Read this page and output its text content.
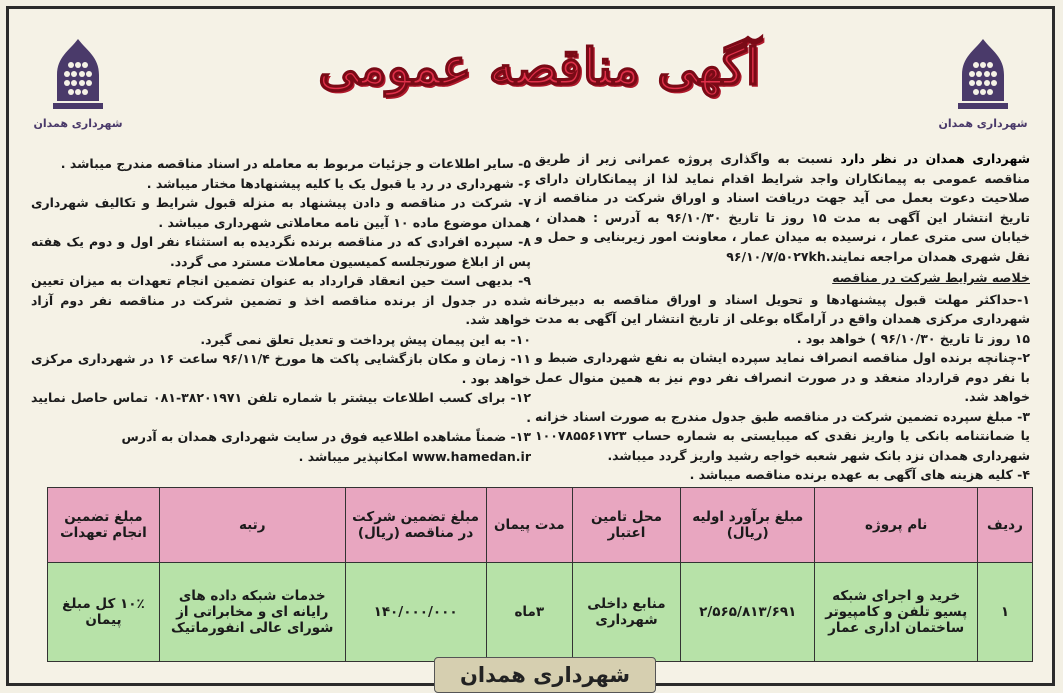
شهرداری همدان	شهرداری همدان
آگهی مناقصه عمومی

شهرداری همدان در نظر دارد نسبت به واگذاری پروژه عمرانی زیر از طریق مناقصه عمومی به پیمانکاران واجد شرایط اقدام نماید لذا از پیمانکاران دارای صلاحیت دعوت بعمل می آید جهت دریافت اسناد و اوراق شرکت در مناقصه از تاریخ انتشار این آگهی به مدت ۱۵ روز تا تاریخ ۹۶/۱۰/۳۰ به آدرس : همدان ، خیابان سی متری عمار ، نرسیده به میدان عمار ، معاونت امور زیربنایی و حمل و نقل شهری همدان مراجعه نمایند.۹۶/۱۰/۷/۵۰۲۷kh

خلاصه شرایط شرکت در مناقصه

۱-حداکثر مهلت قبول پیشنهادها و تحویل اسناد و اوراق مناقصه به دبیرخانه شهرداری مرکزی همدان واقع در آرامگاه بوعلی از تاریخ انتشار این آگهی به مدت ۱۵ روز تا تاریخ ۹۶/۱۰/۳۰ ) خواهد بود .

۲-چنانچه برنده اول مناقصه انصراف نماید سپرده ایشان به نفع شهرداری ضبط و با نفر دوم قرارداد منعقد و در صورت انصراف نفر دوم نیز به همین منوال عمل خواهد شد.

۳- مبلغ سپرده تضمین شرکت در مناقصه طبق جدول مندرج به صورت اسناد خزانه یا ضمانتنامه بانکی یا واریز نقدی که میبایستی به شماره حساب ۱۰۰۷۸۵۵۶۱۷۲۳ شهرداری همدان نزد بانک شهر شعبه خواجه رشید واریز گردد میباشد.

۴- کلیه هزینه های آگهی به عهده برنده مناقصه میباشد .

۵- سایر اطلاعات و جزئیات مربوط به معامله در اسناد مناقصه مندرج میباشد .

۶- شهرداری در رد یا قبول یک یا کلیه پیشنهادها مختار میباشد .

۷- شرکت در مناقصه و دادن پیشنهاد به منزله قبول شرایط و تکالیف شهرداری همدان موضوع ماده ۱۰ آیین نامه معاملاتی شهرداری میباشد .

۸- سپرده افرادی که در مناقصه برنده نگردیده به استثناء نفر اول و دوم یک هفته پس از ابلاغ صورتجلسه کمیسیون معاملات مسترد می گردد.

۹- بدیهی است حین انعقاد قرارداد به عنوان تضمین انجام تعهدات به میزان تعیین شده در جدول از برنده مناقصه اخذ و تضمین شرکت در مناقصه نفر دوم آزاد خواهد شد.

۱۰- به این پیمان پیش پرداخت و تعدیل تعلق نمی گیرد.

۱۱- زمان و مکان بازگشایی پاکت ها مورخ ۹۶/۱۱/۴ ساعت ۱۶ در شهرداری مرکزی خواهد بود .

۱۲- برای کسب اطلاعات بیشتر با شماره تلفن ۳۸۲۰۱۹۷۱-۰۸۱ تماس حاصل نمایید .

۱۳- ضمناً مشاهده اطلاعیه فوق در سایت شهرداری همدان به آدرس

www.hamedan.ir امکانپذیر میباشد .

ردیف	نام پروژه	مبلغ برآورد اولیه (ریال)	محل تامین اعتبار	مدت پیمان	مبلغ تضمین شرکت در مناقصه (ریال)	رتبه	مبلغ تضمین انجام تعهدات
۱	خرید و اجرای شبکه پسیو تلفن و کامپیوتر ساختمان اداری عمار	۲/۵۶۵/۸۱۳/۶۹۱	منابع داخلی شهرداری	۳ماه	۱۴۰/۰۰۰/۰۰۰	خدمات شبکه داده های رایانه ای و مخابراتی از شورای عالی انفورماتیک	۱۰٪ کل مبلغ پیمان
شهرداری همدان
